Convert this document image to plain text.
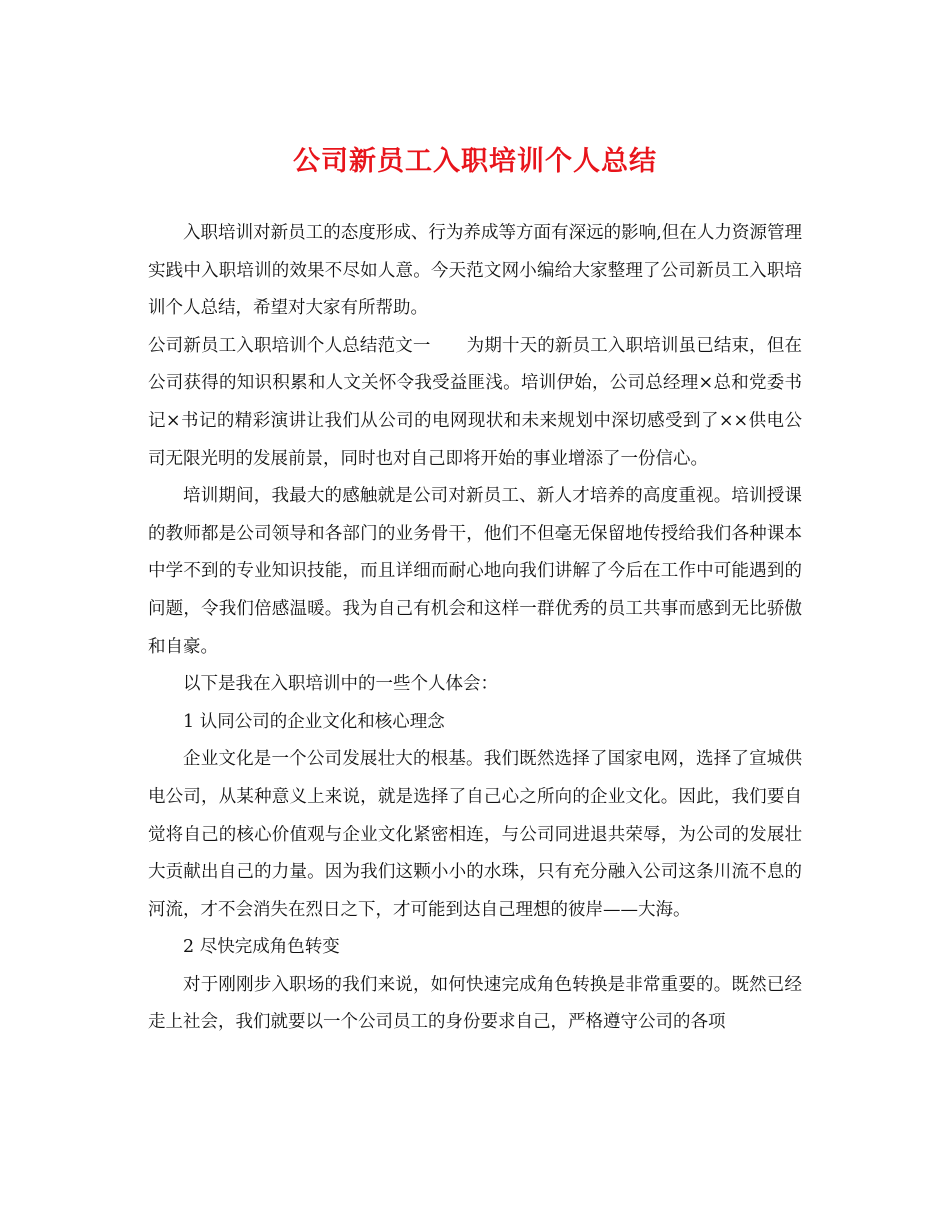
公司新员工入职培训个人总结

入职培训对新员工的态度形成、行为养成等方面有深远的影响,但在人力资源管理实践中入职培训的效果不尽如人意。今天范文网小编给大家整理了公司新员工入职培训个人总结，希望对大家有所帮助。

公司新员工入职培训个人总结范文一 为期十天的新员工入职培训虽已结束，但在公司获得的知识积累和人文关怀令我受益匪浅。培训伊始，公司总经理×总和党委书记×书记的精彩演讲让我们从公司的电网现状和未来规划中深切感受到了××供电公司无限光明的发展前景，同时也对自己即将开始的事业增添了一份信心。

培训期间，我最大的感触就是公司对新员工、新人才培养的高度重视。培训授课的教师都是公司领导和各部门的业务骨干，他们不但毫无保留地传授给我们各种课本中学不到的专业知识技能，而且详细而耐心地向我们讲解了今后在工作中可能遇到的问题，令我们倍感温暖。我为自己有机会和这样一群优秀的员工共事而感到无比骄傲和自豪。

以下是我在入职培训中的一些个人体会：

1 认同公司的企业文化和核心理念

企业文化是一个公司发展壮大的根基。我们既然选择了国家电网，选择了宣城供电公司，从某种意义上来说，就是选择了自己心之所向的企业文化。因此，我们要自觉将自己的核心价值观与企业文化紧密相连，与公司同进退共荣辱，为公司的发展壮大贡献出自己的力量。因为我们这颗小小的水珠，只有充分融入公司这条川流不息的河流，才不会消失在烈日之下，才可能到达自己理想的彼岸——大海。

2 尽快完成角色转变

对于刚刚步入职场的我们来说，如何快速完成角色转换是非常重要的。既然已经走上社会，我们就要以一个公司员工的身份要求自己，严格遵守公司的各项
